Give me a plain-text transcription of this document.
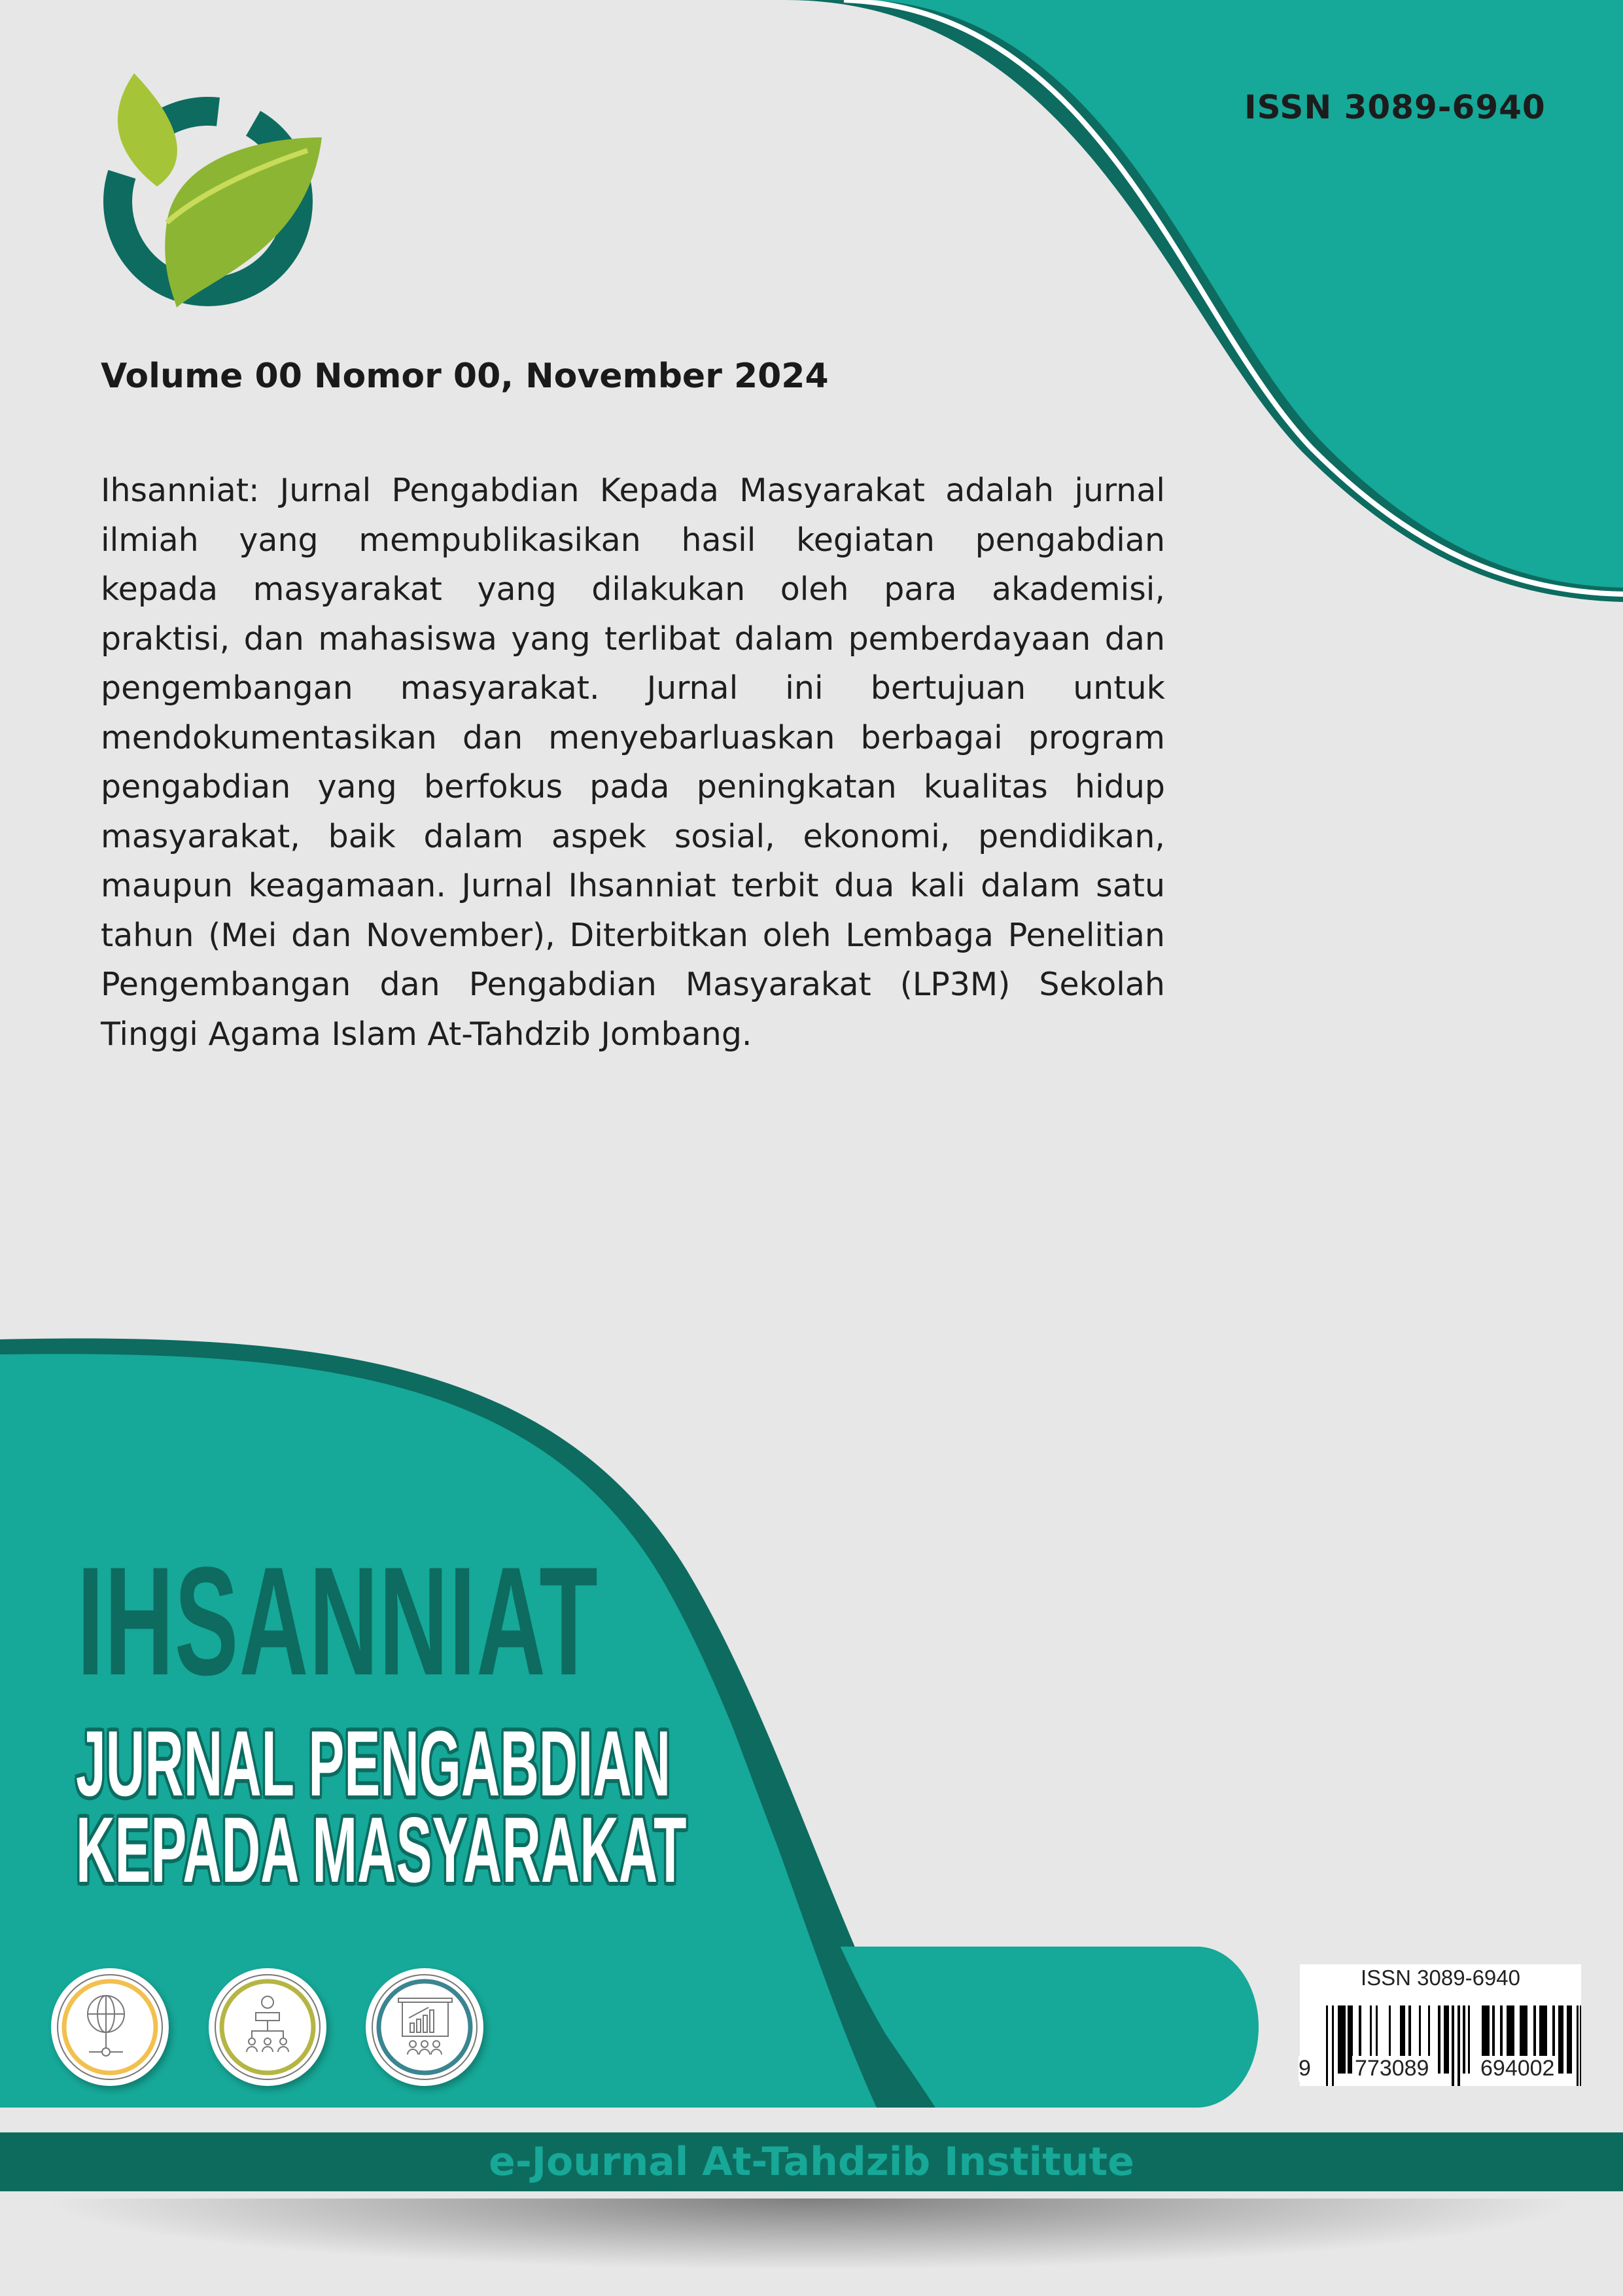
ISSN 3089-6940
Volume 00 Nomor 00, November 2024
Ihsanniat: Jurnal Pengabdian Kepada Masyarakat adalah jurnal
ilmiah yang mempublikasikan hasil kegiatan pengabdian
kepada masyarakat yang dilakukan oleh para akademisi,
praktisi, dan mahasiswa yang terlibat dalam pemberdayaan dan
pengembangan masyarakat. Jurnal ini bertujuan untuk
mendokumentasikan dan menyebarluaskan berbagai program
pengabdian yang berfokus pada peningkatan kualitas hidup
masyarakat, baik dalam aspek sosial, ekonomi, pendidikan,
maupun keagamaan. Jurnal Ihsanniat terbit dua kali dalam satu
tahun (Mei dan November), Diterbitkan oleh Lembaga Penelitian
Pengembangan dan Pengabdian Masyarakat (LP3M) Sekolah
Tinggi Agama Islam At-Tahdzib Jombang.
IHSANNIAT
JURNAL PENGABDIAN
KEPADA MASYARAKAT
ISSN 3089-6940
9 773089 694002
e-Journal At-Tahdzib Institute
